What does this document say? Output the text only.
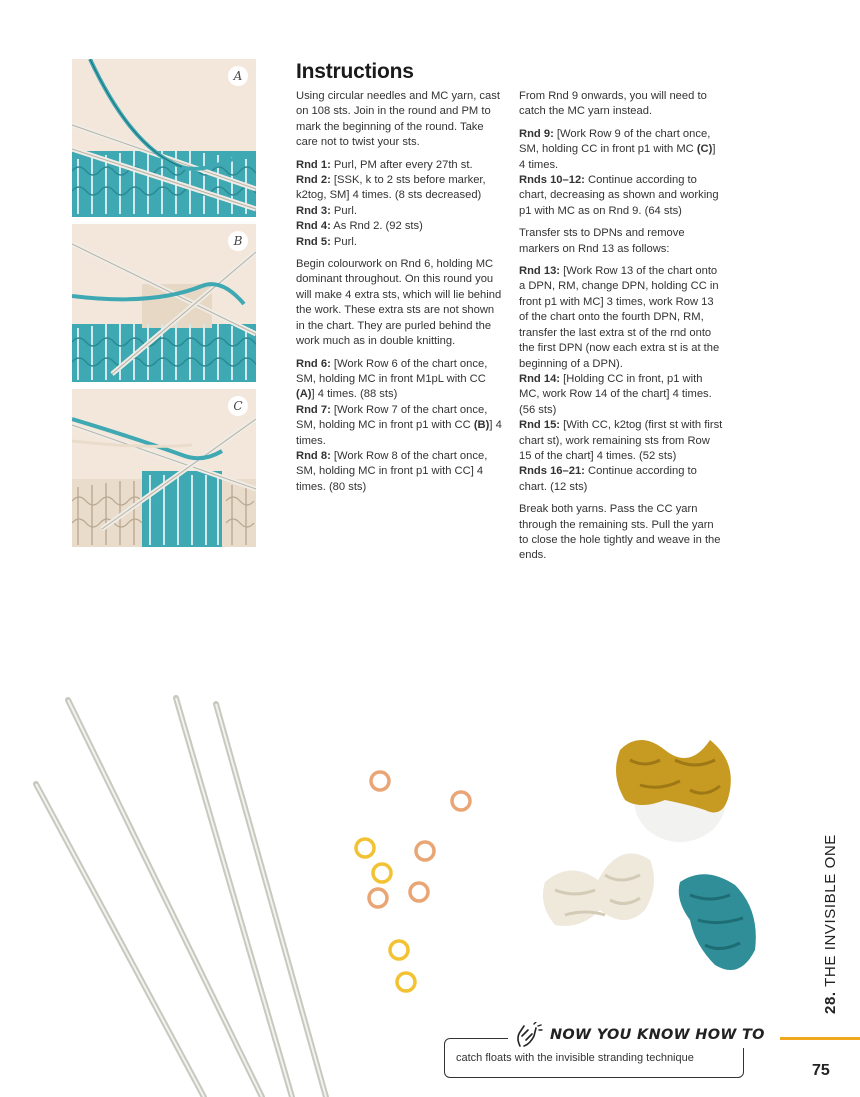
A
B
C
Instructions

Using circular needles and MC yarn, cast on 108 sts. Join in the round and PM to mark the beginning of the round. Take care not to twist your sts.

Rnd 1: Purl, PM after every 27th st.

Rnd 2: [SSK, k to 2 sts before marker, k2tog, SM] 4 times. (8 sts decreased)

Rnd 3: Purl.

Rnd 4: As Rnd 2. (92 sts)

Rnd 5: Purl.

Begin colourwork on Rnd 6, holding MC dominant throughout. On this round you will make 4 extra sts, which will lie behind the work. These extra sts are not shown in the chart. They are purled behind the work much as in double knitting.

Rnd 6: [Work Row 6 of the chart once, SM, holding MC in front M1pL with CC (A)] 4 times. (88 sts)

Rnd 7: [Work Row 7 of the chart once, SM, holding MC in front p1 with CC (B)] 4 times.

Rnd 8: [Work Row 8 of the chart once, SM, holding MC in front p1 with CC] 4 times. (80 sts)

From Rnd 9 onwards, you will need to catch the MC yarn instead.

Rnd 9: [Work Row 9 of the chart once, SM, holding CC in front p1 with MC (C)] 4 times.

Rnds 10–12: Continue according to chart, decreasing as shown and working p1 with MC as on Rnd 9. (64 sts)

Transfer sts to DPNs and remove markers on Rnd 13 as follows:

Rnd 13: [Work Row 13 of the chart onto a DPN, RM, change DPN, holding CC in front p1 with MC] 3 times, work Row 13 of the chart onto the fourth DPN, RM, transfer the last extra st of the rnd onto the first DPN (now each extra st is at the beginning of a DPN).

Rnd 14: [Holding CC in front, p1 with MC, work Row 14 of the chart] 4 times. (56 sts)

Rnd 15: [With CC, k2tog (first st with first chart st), work remaining sts from Row 15 of the chart] 4 times. (52 sts)

Rnds 16–21: Continue according to chart. (12 sts)

Break both yarns. Pass the CC yarn through the remaining sts. Pull the yarn to close the hole tightly and weave in the ends.

NOW YOU KNOW HOW TO
catch floats with the invisible stranding technique
28. THE INVISIBLE ONE
75
